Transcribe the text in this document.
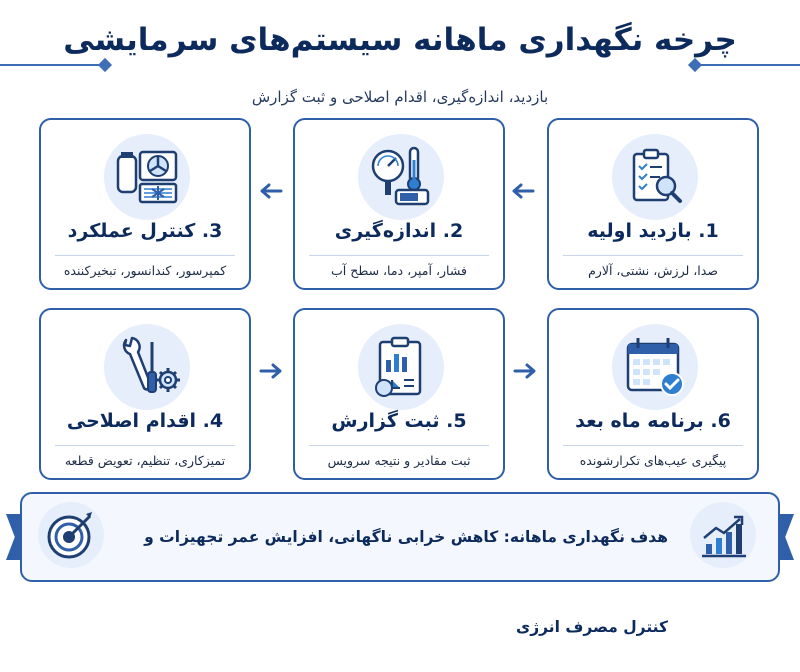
چرخه نگهداری ماهانه سیستم‌های سرمایشی
بازدید، اندازه‌گیری، اقدام اصلاحی و ثبت گزارش
1. بازدید اولیه
صدا، لرزش، نشتی، آلارم
2. اندازه‌گیری
فشار، آمپر، دما، سطح آب
3. کنترل عملکرد
کمپرسور، کندانسور، تبخیرکننده
4. اقدام اصلاحی
تمیزکاری، تنظیم، تعویض قطعه
5. ثبت گزارش
ثبت مقادیر و نتیجه سرویس
6. برنامه ماه بعد
پیگیری عیب‌های تکرارشونده
هدف نگهداری ماهانه: کاهش خرابی ناگهانی، افزایش عمر تجهیزات و کنترل مصرف انرژی
